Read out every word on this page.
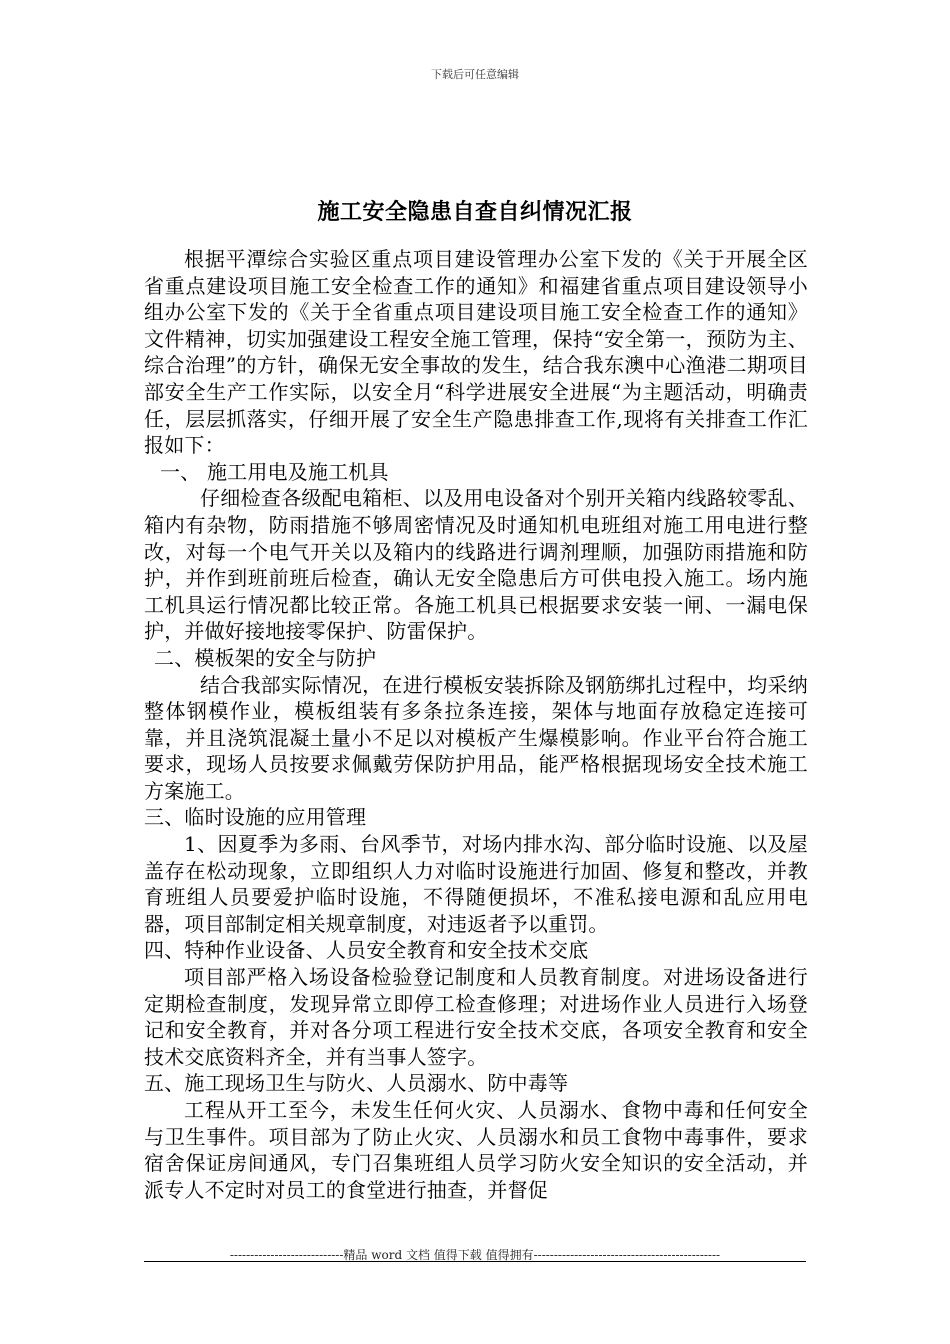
下载后可任意编辑
施工安全隐患自查自纠情况汇报

根据平潭综合实验区重点项目建设管理办公室下发的《关于开展全区省重点建设项目施工安全检查工作的通知》和福建省重点项目建设领导小组办公室下发的《关于全省重点项目建设项目施工安全检查工作的通知》文件精神，切实加强建设工程安全施工管理，保持“安全第一，预防为主、综合治理”的方针，确保无安全事故的发生，结合我东澳中心渔港二期项目部安全生产工作实际，以安全月“科学进展安全进展“为主题活动，明确责任，层层抓落实，仔细开展了安全生产隐患排查工作,现将有关排查工作汇报如下：

一、 施工用电及施工机具

仔细检查各级配电箱柜、以及用电设备对个别开关箱内线路较零乱、箱内有杂物，防雨措施不够周密情况及时通知机电班组对施工用电进行整改，对每一个电气开关以及箱内的线路进行调剂理顺，加强防雨措施和防护，并作到班前班后检查，确认无安全隐患后方可供电投入施工。场内施工机具运行情况都比较正常。各施工机具已根据要求安装一闸、一漏电保护，并做好接地接零保护、防雷保护。

二、模板架的安全与防护

结合我部实际情况，在进行模板安装拆除及钢筋绑扎过程中，均采纳整体钢模作业，模板组装有多条拉条连接，架体与地面存放稳定连接可靠，并且浇筑混凝土量小不足以对模板产生爆模影响。作业平台符合施工要求，现场人员按要求佩戴劳保防护用品，能严格根据现场安全技术施工方案施工。

三、临时设施的应用管理

1、因夏季为多雨、台风季节，对场内排水沟、部分临时设施、以及屋盖存在松动现象，立即组织人力对临时设施进行加固、修复和整改，并教育班组人员要爱护临时设施，不得随便损坏，不准私接电源和乱应用电器，项目部制定相关规章制度，对违返者予以重罚。

四、特种作业设备、人员安全教育和安全技术交底

项目部严格入场设备检验登记制度和人员教育制度。对进场设备进行定期检查制度，发现异常立即停工检查修理；对进场作业人员进行入场登记和安全教育，并对各分项工程进行安全技术交底，各项安全教育和安全技术交底资料齐全，并有当事人签字。

五、施工现场卫生与防火、人员溺水、防中毒等

工程从开工至今，未发生任何火灾、人员溺水、食物中毒和任何安全与卫生事件。项目部为了防止火灾、人员溺水和员工食物中毒事件，要求宿舍保证房间通风，专门召集班组人员学习防火安全知识的安全活动，并派专人不定时对员工的食堂进行抽查，并督促

----------------------------精品 word 文档 值得下载 值得拥有----------------------------------------------
